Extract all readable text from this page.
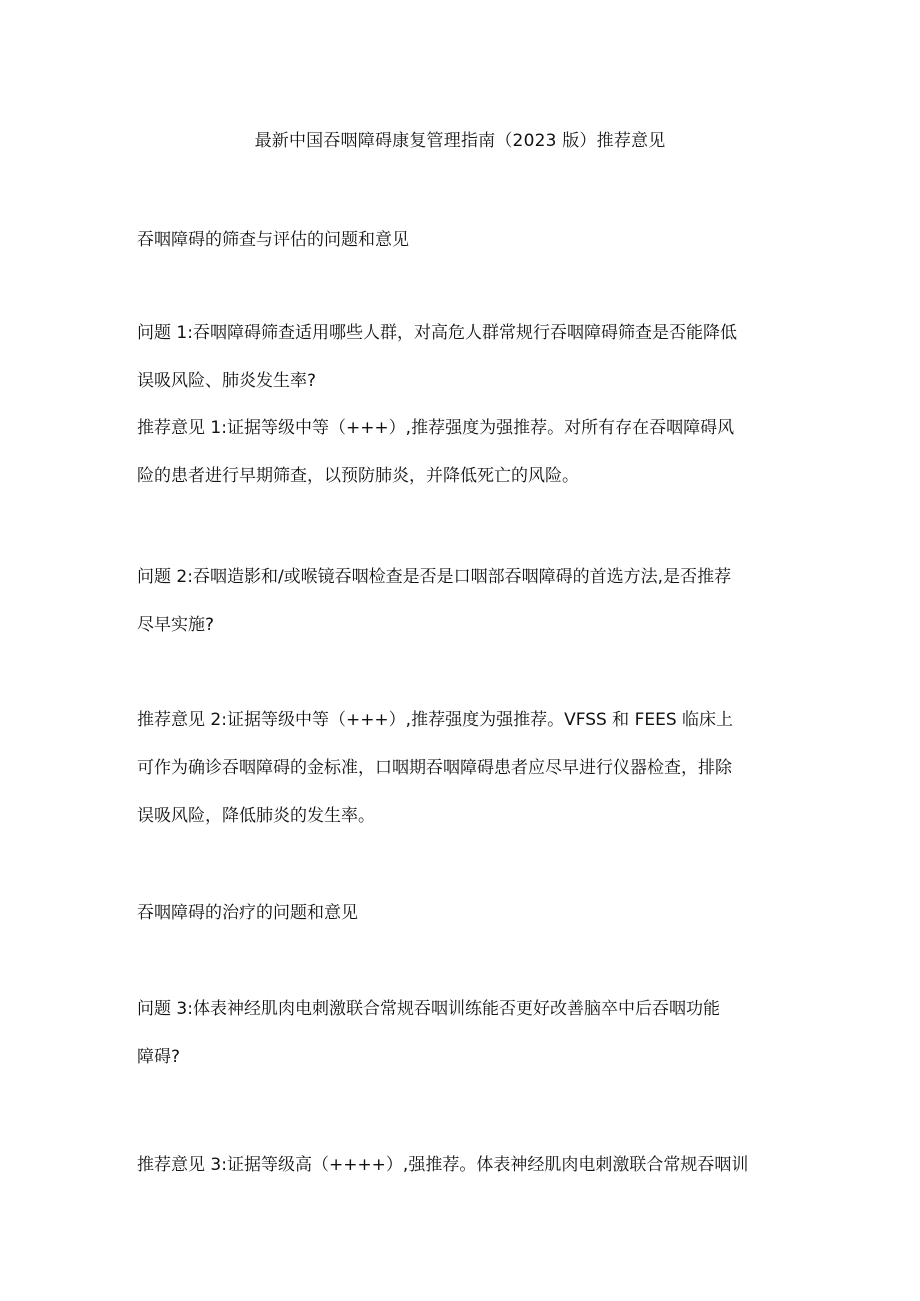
最新中国吞咽障碍康复管理指南（2023 版）推荐意见
吞咽障碍的筛查与评估的问题和意见
问题 1:吞咽障碍筛查适用哪些人群，对高危人群常规行吞咽障碍筛查是否能降低
误吸风险、肺炎发生率?
推荐意见 1:证据等级中等（+++）,推荐强度为强推荐。对所有存在吞咽障碍风
险的患者进行早期筛查，以预防肺炎，并降低死亡的风险。
问题 2:吞咽造影和/或喉镜吞咽检查是否是口咽部吞咽障碍的首选方法,是否推荐
尽早实施?
推荐意见 2:证据等级中等（+++）,推荐强度为强推荐。VFSS 和 FEES 临床上
可作为确诊吞咽障碍的金标准，口咽期吞咽障碍患者应尽早进行仪器检查，排除
误吸风险，降低肺炎的发生率。
吞咽障碍的治疗的问题和意见
问题 3:体表神经肌肉电刺激联合常规吞咽训练能否更好改善脑卒中后吞咽功能
障碍?
推荐意见 3:证据等级高（++++）,强推荐。体表神经肌肉电刺激联合常规吞咽训
